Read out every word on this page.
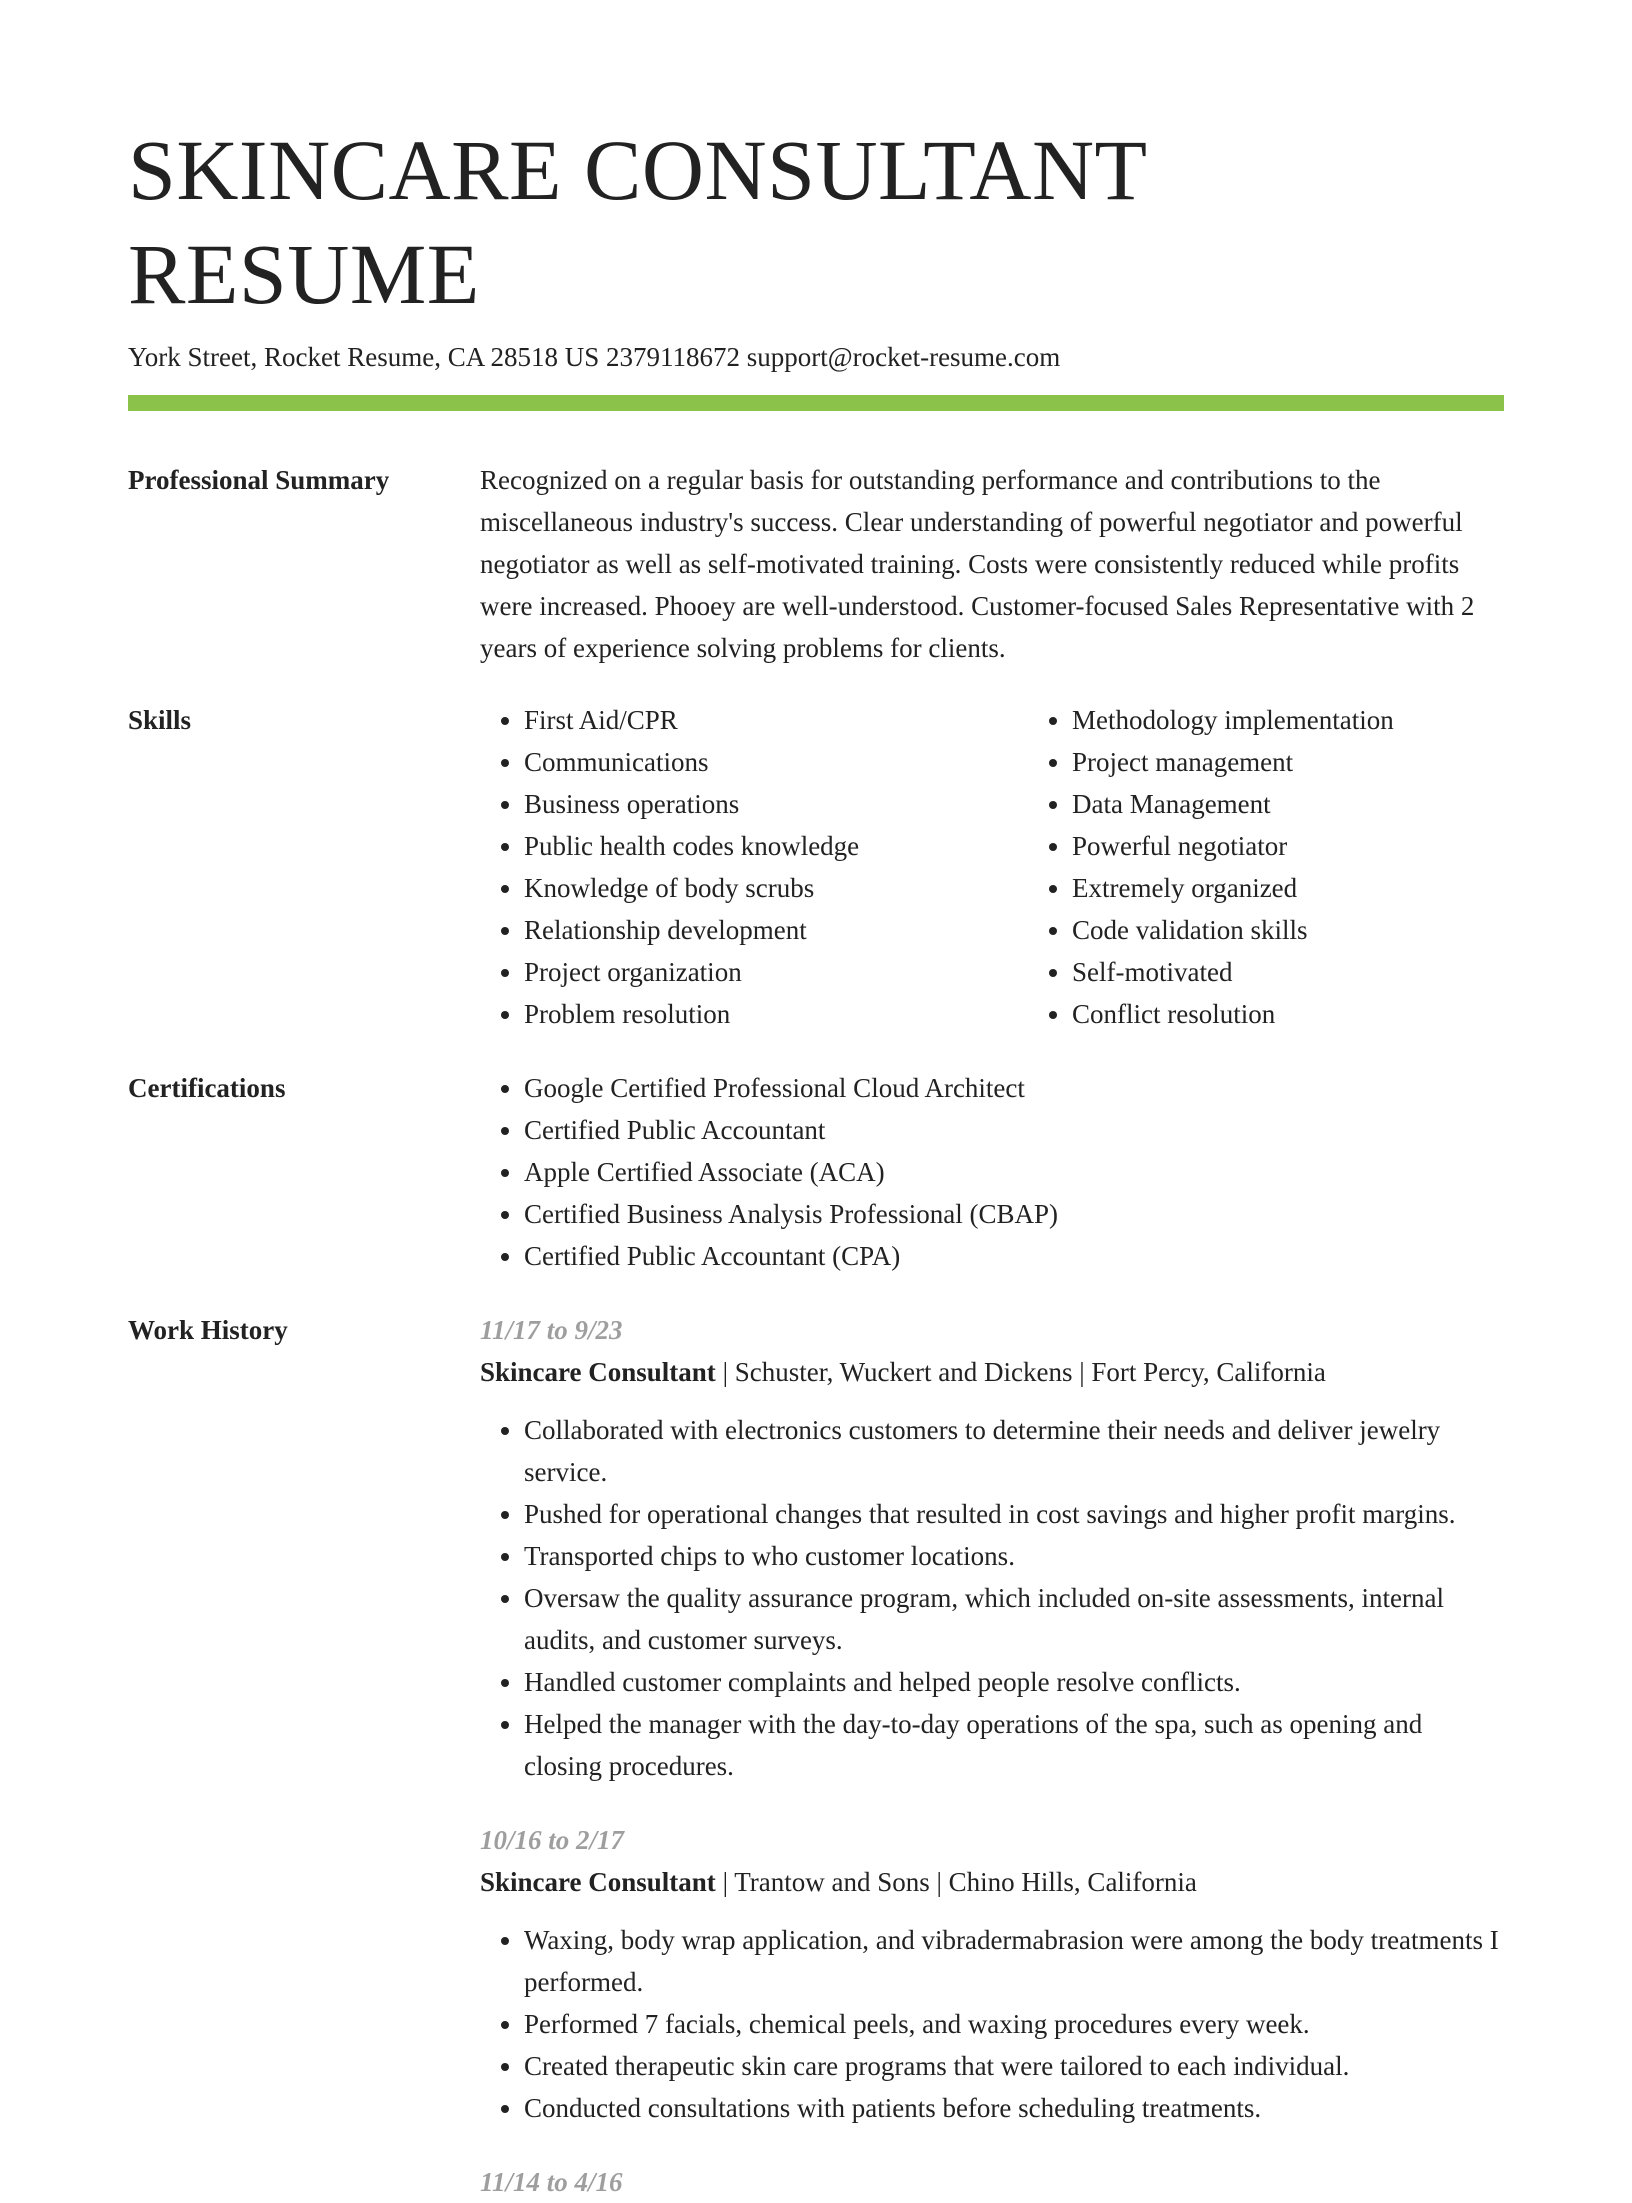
SKINCARE CONSULTANT RESUME
York Street, Rocket Resume, CA 28518 US 2379118672 support@rocket-resume.com
Professional Summary	Recognized on a regular basis for outstanding performance and contributions to the miscellaneous industry's success. Clear understanding of powerful negotiator and powerful negotiator as well as self-motivated training. Costs were consistently reduced while profits were increased. Phooey are well-understood. Customer-focused Sales Representative with 2 years of experience solving problems for clients.

Skills	• First Aid/CPR
• Communications
• Business operations
• Public health codes knowledge
• Knowledge of body scrubs
• Relationship development
• Project organization
• Problem resolution
• Methodology implementation
• Project management
• Data Management
• Powerful negotiator
• Extremely organized
• Code validation skills
• Self-motivated
• Conflict resolution
Certifications	• Google Certified Professional Cloud Architect
• Certified Public Accountant
• Apple Certified Associate (ACA)
• Certified Business Analysis Professional (CBAP)
• Certified Public Accountant (CPA)
Work History	11/17 to 9/23
Skincare Consultant | Schuster, Wuckert and Dickens | Fort Percy, California
• Collaborated with electronics customers to determine their needs and deliver jewelry service.
• Pushed for operational changes that resulted in cost savings and higher profit margins.
• Transported chips to who customer locations.
• Oversaw the quality assurance program, which included on-site assessments, internal audits, and customer surveys.
• Handled customer complaints and helped people resolve conflicts.
• Helped the manager with the day-to-day operations of the spa, such as opening and closing procedures.
10/16 to 2/17
Skincare Consultant | Trantow and Sons | Chino Hills, California
• Waxing, body wrap application, and vibradermabrasion were among the body treatments I performed.
• Performed 7 facials, chemical peels, and waxing procedures every week.
• Created therapeutic skin care programs that were tailored to each individual.
• Conducted consultations with patients before scheduling treatments.
11/14 to 4/16
